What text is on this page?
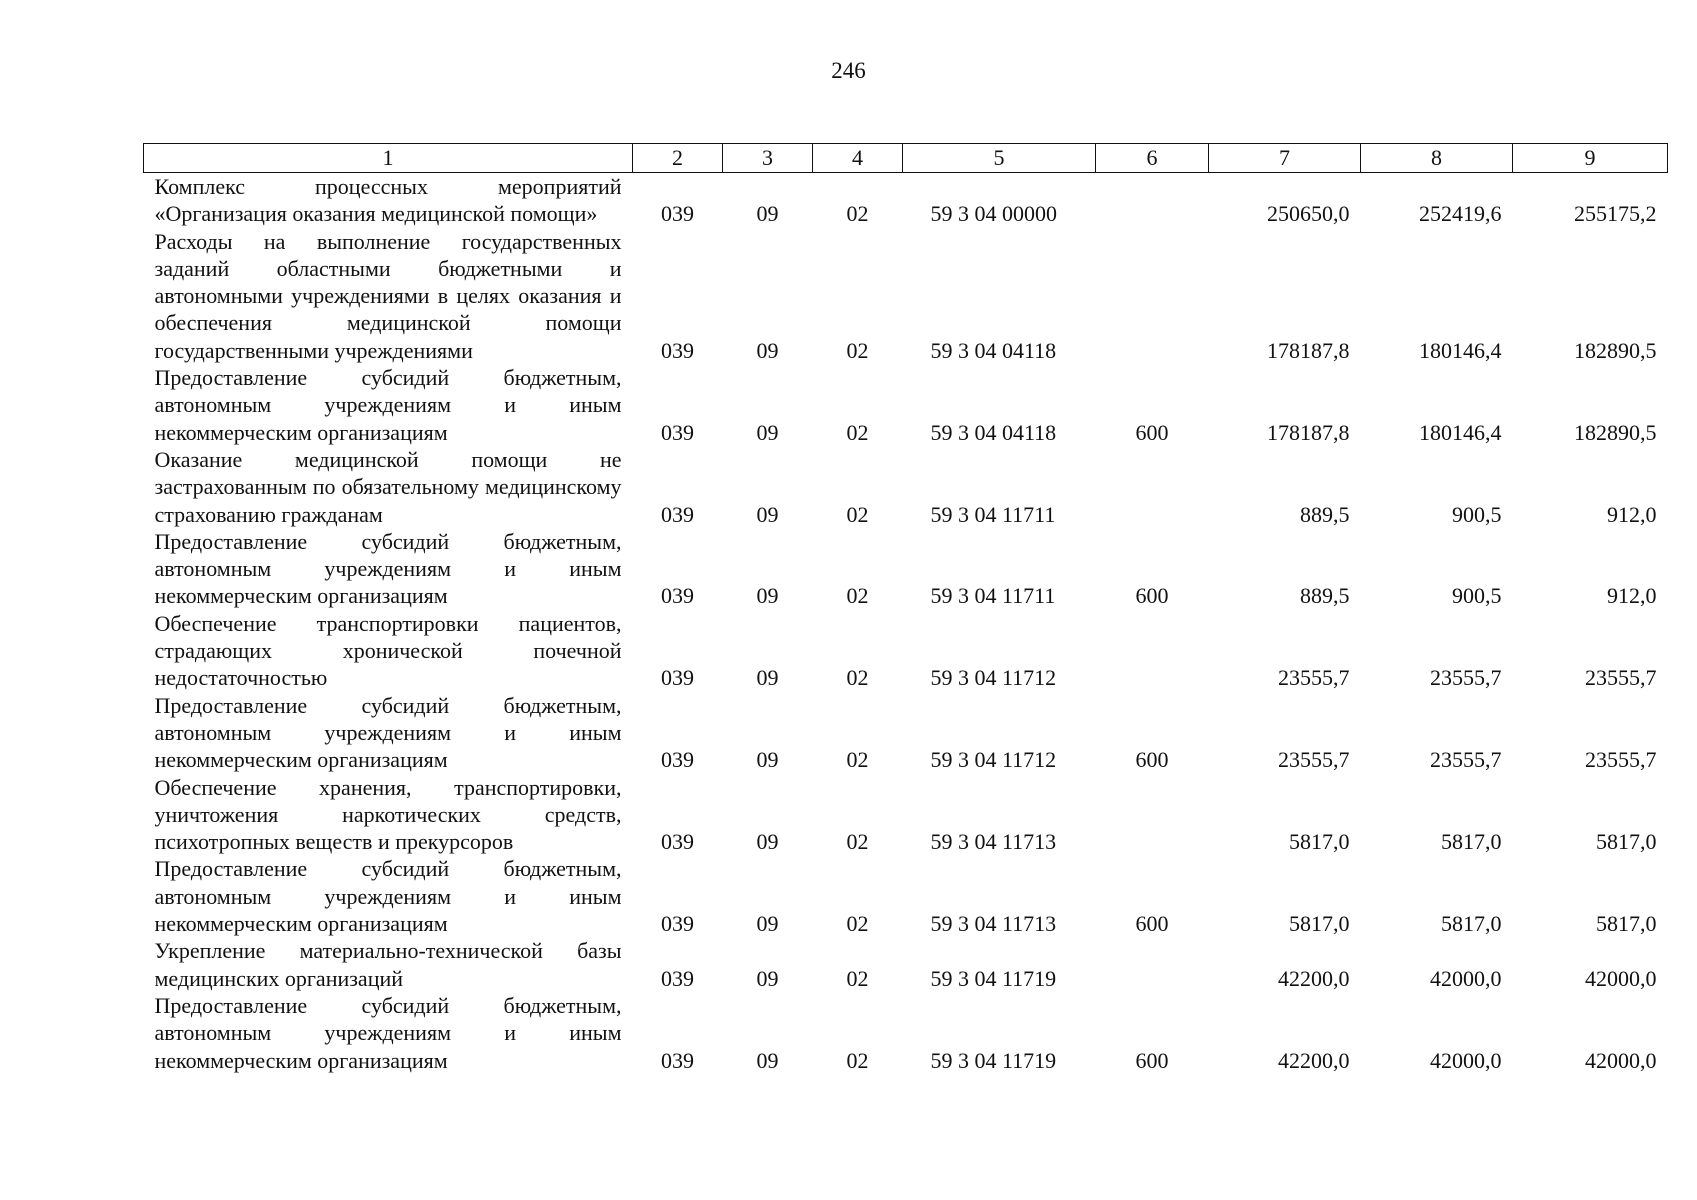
246
1	2	3	4	5	6	7	8	9
Комплекс процессных мероприятий «Организация оказания медицинской помощи»	039	09	02	59 3 04 00000		250650,0	252419,6	255175,2
Расходы на выполнение государственных заданий областными бюджетными и автономными учреждениями в целях оказания и обеспечения медицинской помощи государственными учреждениями	039	09	02	59 3 04 04118		178187,8	180146,4	182890,5
Предоставление субсидий бюджетным, автономным учреждениям и иным некоммерческим организациям	039	09	02	59 3 04 04118	600	178187,8	180146,4	182890,5
Оказание медицинской помощи не застрахованным по обязательному медицинскому страхованию гражданам	039	09	02	59 3 04 11711		889,5	900,5	912,0
Предоставление субсидий бюджетным, автономным учреждениям и иным некоммерческим организациям	039	09	02	59 3 04 11711	600	889,5	900,5	912,0
Обеспечение транспортировки пациентов, страдающих хронической почечной недостаточностью	039	09	02	59 3 04 11712		23555,7	23555,7	23555,7
Предоставление субсидий бюджетным, автономным учреждениям и иным некоммерческим организациям	039	09	02	59 3 04 11712	600	23555,7	23555,7	23555,7
Обеспечение хранения, транспортировки, уничтожения наркотических средств, психотропных веществ и прекурсоров	039	09	02	59 3 04 11713		5817,0	5817,0	5817,0
Предоставление субсидий бюджетным, автономным учреждениям и иным некоммерческим организациям	039	09	02	59 3 04 11713	600	5817,0	5817,0	5817,0
Укрепление материально-технической базы медицинских организаций	039	09	02	59 3 04 11719		42200,0	42000,0	42000,0
Предоставление субсидий бюджетным, автономным учреждениям и иным некоммерческим организациям	039	09	02	59 3 04 11719	600	42200,0	42000,0	42000,0
